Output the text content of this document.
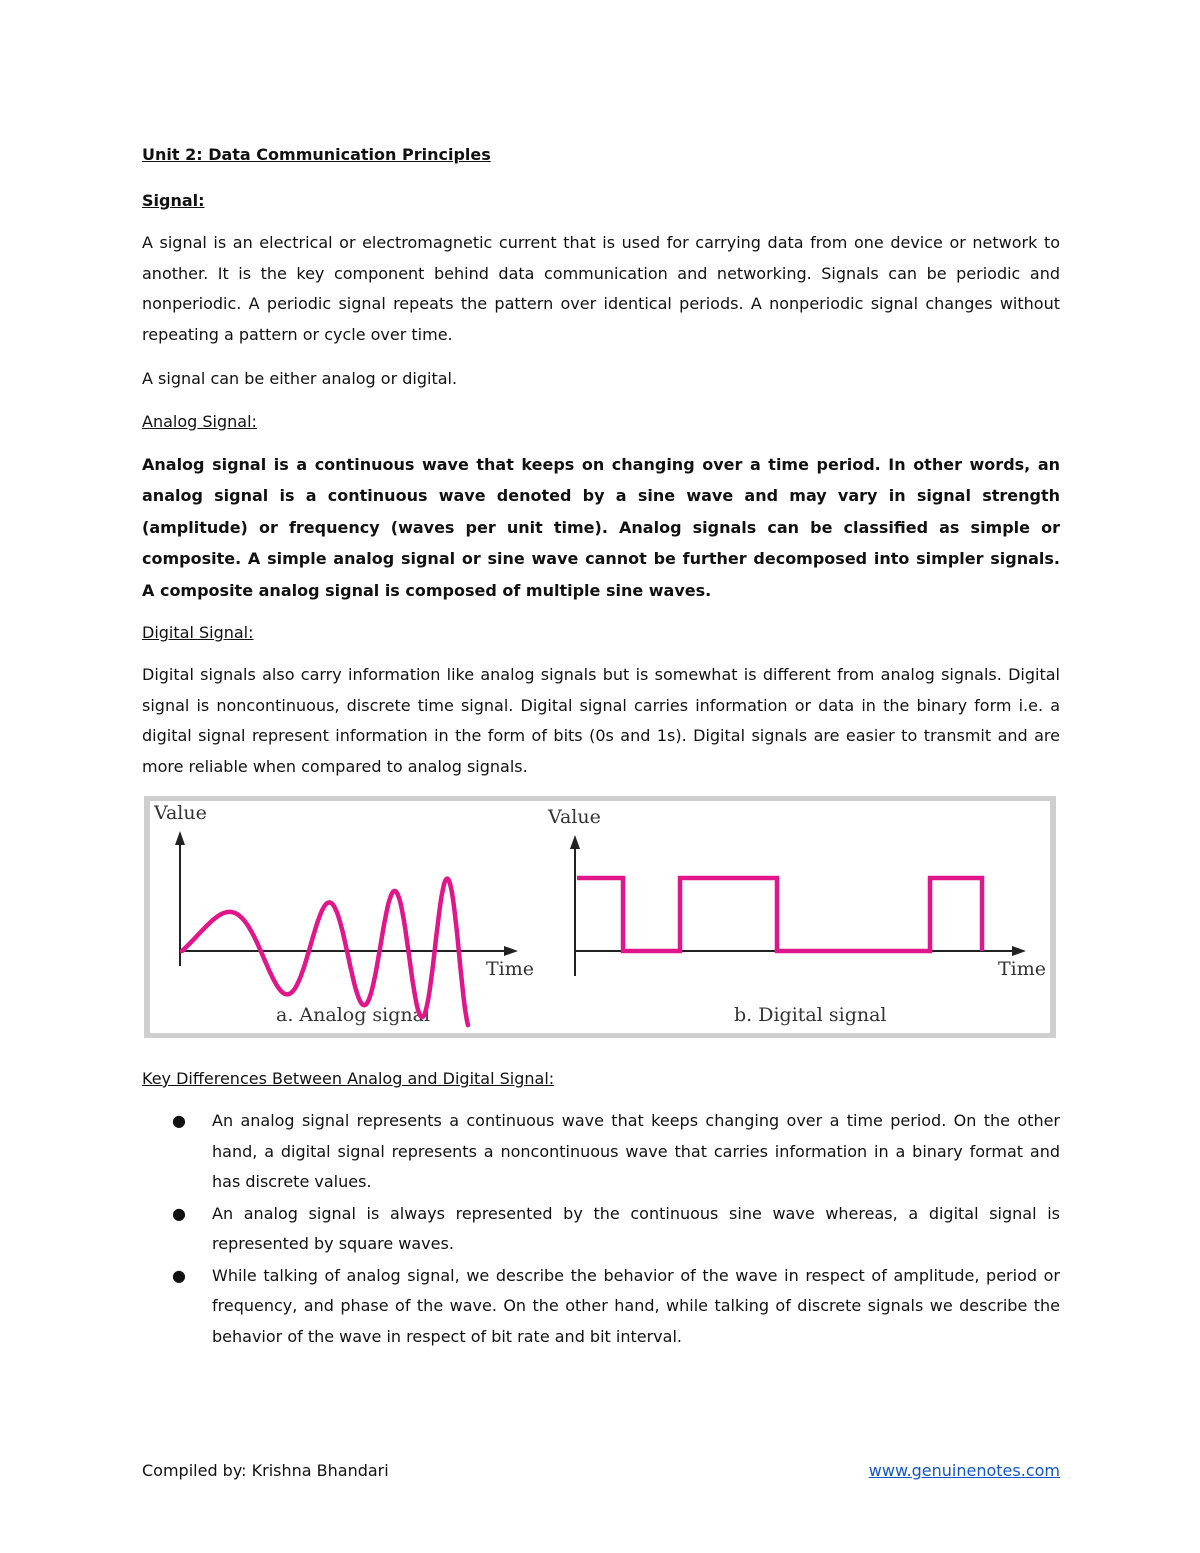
Unit 2: Data Communication Principles
Signal:

A signal is an electrical or electromagnetic current that is used for carrying data from one device or network to another. It is the key component behind data communication and networking. Signals can be periodic and nonperiodic. A periodic signal repeats the pattern over identical periods. A nonperiodic signal changes without repeating a pattern or cycle over time.

A signal can be either analog or digital.

Analog Signal:

Analog signal is a continuous wave that keeps on changing over a time period. In other words, an analog signal is a continuous wave denoted by a sine wave and may vary in signal strength (amplitude) or frequency (waves per unit time). Analog signals can be classified as simple or composite. A simple analog signal or sine wave cannot be further decomposed into simpler signals. A composite analog signal is composed of multiple sine waves.

Digital Signal:

Digital signals also carry information like analog signals but is somewhat is different from analog signals. Digital signal is noncontinuous, discrete time signal. Digital signal carries information or data in the binary form i.e. a digital signal represent information in the form of bits (0s and 1s). Digital signals are easier to transmit and are more reliable when compared to analog signals.

Value
Time
a. Analog signal
Value
Time
b. Digital signal
Key Differences Between Analog and Digital Signal:
● An analog signal represents a continuous wave that keeps changing over a time period. On the other hand, a digital signal represents a noncontinuous wave that carries information in a binary format and has discrete values.
● An analog signal is always represented by the continuous sine wave whereas, a digital signal is represented by square waves.
● While talking of analog signal, we describe the behavior of the wave in respect of amplitude, period or frequency, and phase of the wave. On the other hand, while talking of discrete signals we describe the behavior of the wave in respect of bit rate and bit interval.
Compiled by: Krishna Bhandari	www.genuinenotes.com
